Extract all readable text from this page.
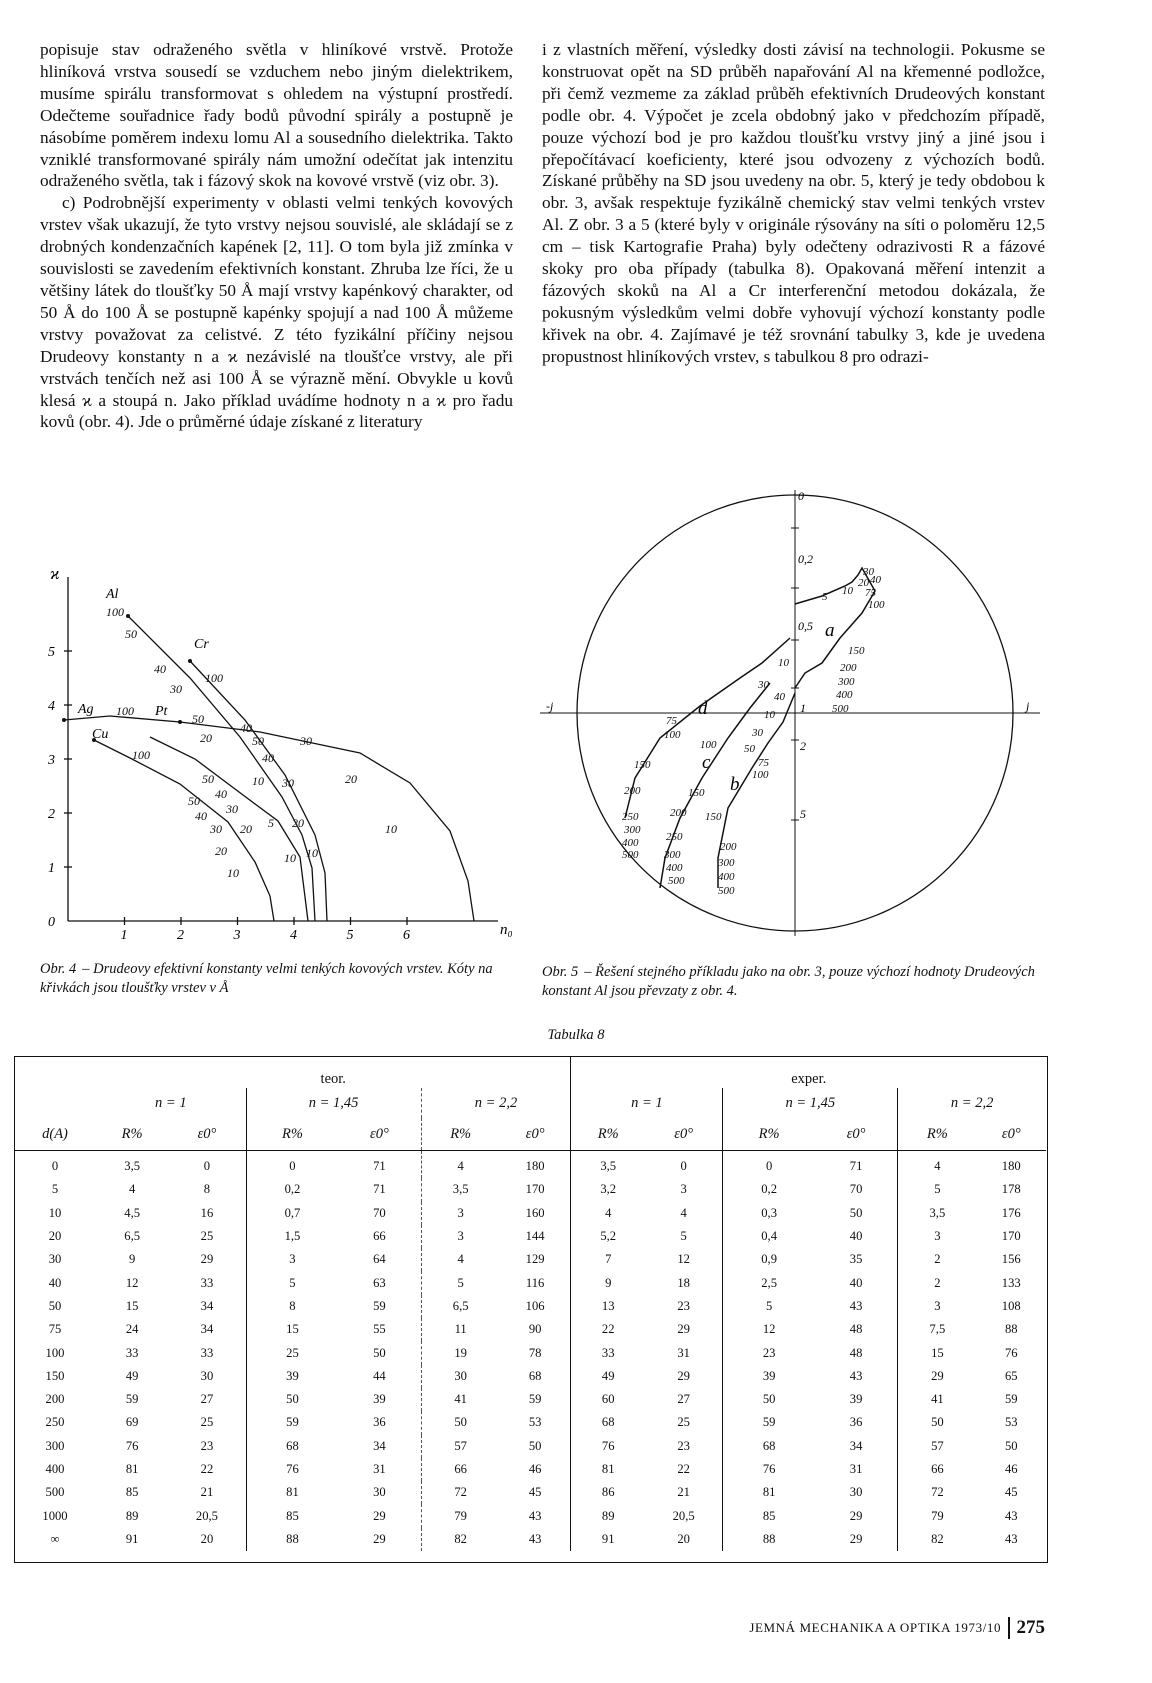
popisuje stav odraženého světla v hliníkové vrstvě. Protože hliníková vrstva sousedí se vzduchem nebo jiným dielektrikem, musíme spirálu transformovat s ohledem na výstupní prostředí. Odečteme souřadnice řady bodů původní spirály a postupně je násobíme poměrem indexu lomu Al a sousedního dielektrika. Takto vzniklé transformované spirály nám umožní odečítat jak intenzitu odraženého světla, tak i fázový skok na kovové vrstvě (viz obr. 3).

c) Podrobnější experimenty v oblasti velmi tenkých kovových vrstev však ukazují, že tyto vrstvy nejsou souvislé, ale skládají se z drobných kondenzačních kapének [2, 11]. O tom byla již zmínka v souvislosti se zavedením efektivních konstant. Zhruba lze říci, že u většiny látek do tloušťky 50 Å mají vrstvy kapénkový charakter, od 50 Å do 100 Å se postupně kapénky spojují a nad 100 Å můžeme vrstvy považovat za celistvé. Z této fyzikální příčiny nejsou Drudeovy konstanty n a ϰ nezávislé na tloušťce vrstvy, ale při vrstvách tenčích než asi 100 Å se výrazně mění. Obvykle u kovů klesá ϰ a stoupá n. Jako příklad uvádíme hodnoty n a ϰ pro řadu kovů (obr. 4). Jde o průměrné údaje získané z literatury

i z vlastních měření, výsledky dosti závisí na technologii. Pokusme se konstruovat opět na SD průběh napařování Al na křemenné podložce, při čemž vezmeme za základ průběh efektivních Drudeových konstant podle obr. 4. Výpočet je zcela obdobný jako v předchozím případě, pouze výchozí bod je pro každou tloušťku vrstvy jiný a jiné jsou i přepočítávací koeficienty, které jsou odvozeny z výchozích bodů. Získané průběhy na SD jsou uvedeny na obr. 5, který je tedy obdobou k obr. 3, avšak respektuje fyzikálně chemický stav velmi tenkých vrstev Al. Z obr. 3 a 5 (které byly v originále rýsovány na síti o poloměru 12,5 cm – tisk Kartografie Praha) byly odečteny odrazivosti R a fázové skoky pro oba případy (tabulka 8). Opakovaná měření intenzit a fázových skoků na Al a Cr interferenční metodou dokázala, že pokusným výsledkům velmi dobře vyhovují výchozí konstanty podle křivek na obr. 4. Zajímavé je též srovnání tabulky 3, kde je uvedena propustnost hliníkových vrstev, s tabulkou 8 pro odrazi-

1	2	3	4	5	6
0
1
2
3
4
5
ϰ
n₀
Al
Cr
Ag	Pt
Cu
100
50
40
30
100
100
50
20
40
50	30
40
100
50
40
30
10 30
50
40
30 20 5 20
20
20
10
10 10
10
0
0,2
0,5
1
2
5
-j	j
a
b
c
d
5 10
20
30
40
75
100
150
200
300
400
500
10
30
40
10
30
50
75
100
150
200
250
300
400
500
100
150
150
200
250
300
400
500
75
100
200
300
400
500
Obr. 4 – Drudeovy efektivní konstanty velmi tenkých kovových vrstev. Kóty na křivkách jsou tloušťky vrstev v Å
Obr. 5 – Řešení stejného příkladu jako na obr. 3, pouze výchozí hodnoty Drudeových konstant Al jsou převzaty z obr. 4.
Tabulka 8
	teor.						exper.					
	n = 1		n = 1,45		n = 2,2		n = 1		n = 1,45		n = 2,2	
d(A)	R%	ε0°	R%	ε0°	R%	ε0°	R%	ε0°	R%	ε0°	R%	ε0°
0	3,5	0	0	71	4	180	3,5	0	0	71	4	180
5	4	8	0,2	71	3,5	170	3,2	3	0,2	70	5	178
10	4,5	16	0,7	70	3	160	4	4	0,3	50	3,5	176
20	6,5	25	1,5	66	3	144	5,2	5	0,4	40	3	170
30	9	29	3	64	4	129	7	12	0,9	35	2	156
40	12	33	5	63	5	116	9	18	2,5	40	2	133
50	15	34	8	59	6,5	106	13	23	5	43	3	108
75	24	34	15	55	11	90	22	29	12	48	7,5	88
100	33	33	25	50	19	78	33	31	23	48	15	76
150	49	30	39	44	30	68	49	29	39	43	29	65
200	59	27	50	39	41	59	60	27	50	39	41	59
250	69	25	59	36	50	53	68	25	59	36	50	53
300	76	23	68	34	57	50	76	23	68	34	57	50
400	81	22	76	31	66	46	81	22	76	31	66	46
500	85	21	81	30	72	45	86	21	81	30	72	45
1000	89	20,5	85	29	79	43	89	20,5	85	29	79	43
∞	91	20	88	29	82	43	91	20	88	29	82	43
JEMNÁ MECHANIKA A OPTIKA 1973/10 275
